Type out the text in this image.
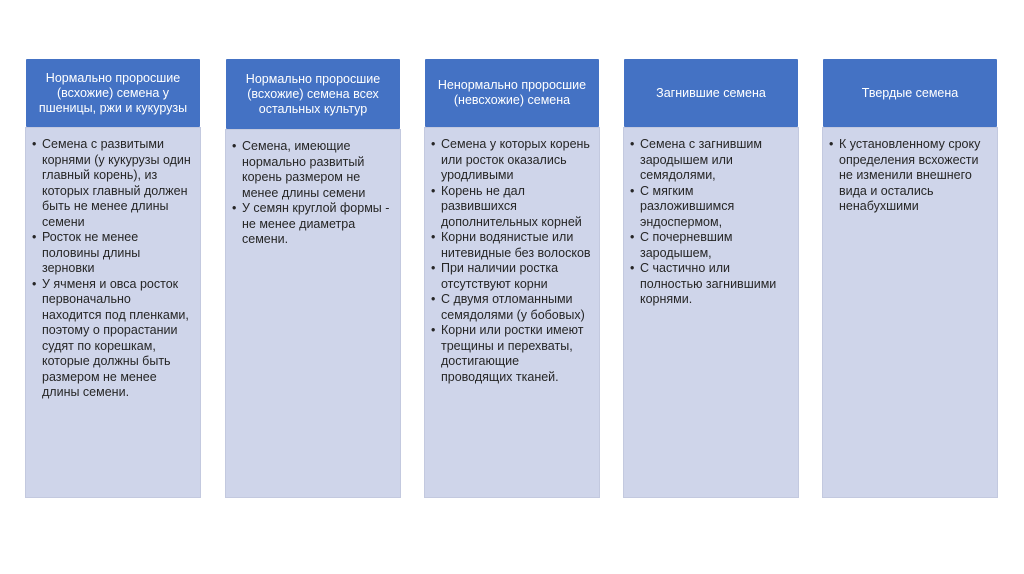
Нормально проросшие (всхожие) семена у пшеницы, ржи и кукурузы
• Семена с развитыми корнями (у кукурузы один главный корень), из которых главный должен быть не менее длины семени
• Росток не менее половины длины зерновки
• У ячменя и овса росток первоначально находится под пленками, поэтому о прорастании судят по корешкам, которые должны быть размером не менее длины семени.
Нормально проросшие (всхожие) семена всех остальных культур
• Семена, имеющие нормально развитый корень размером не менее длины семени
• У семян круглой формы - не менее диаметра семени.
Ненормально проросшие (невсхожие) семена
• Семена у которых корень или росток оказались уродливыми
• Корень не дал развившихся дополнительных корней
• Корни водянистые или нитевидные без волосков
• При наличии ростка отсутствуют корни
• С двумя отломанными семядолями (у бобовых)
• Корни или ростки имеют трещины и перехваты, достигающие проводящих тканей.
Загнившие семена
• Семена с загнившим зародышем или семядолями,
• С мягким разложившимся эндоспермом,
• С почерневшим зародышем,
• С частично или полностью загнившими корнями.
Твердые семена
• К установленному сроку определения всхожести не изменили внешнего вида и остались ненабухшими
